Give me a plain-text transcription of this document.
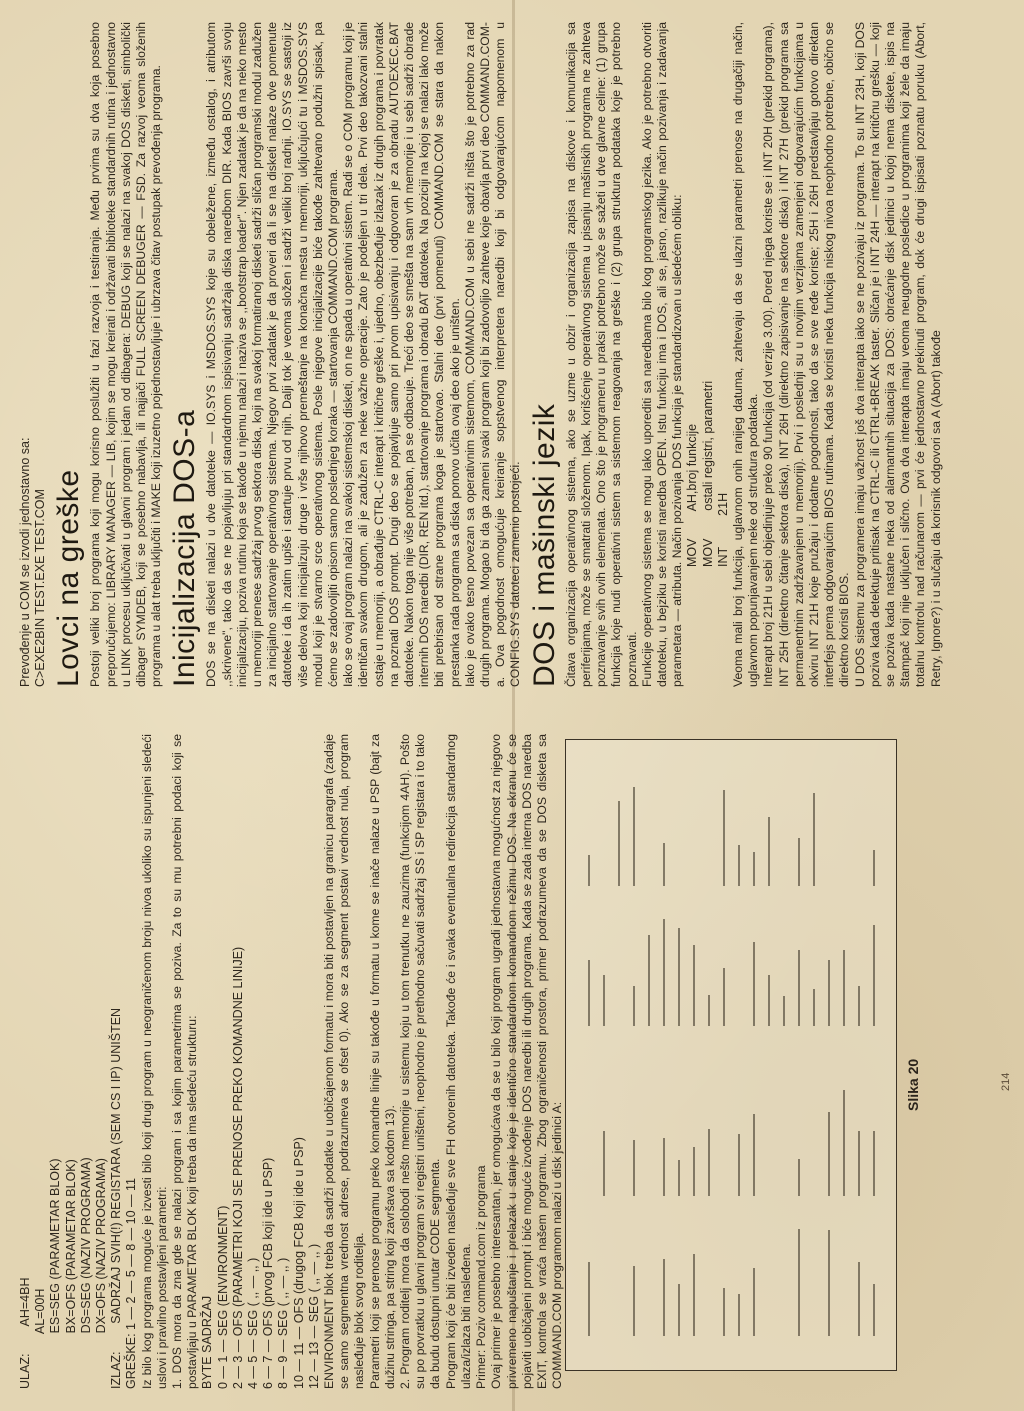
ULAZ:        AH=4BH AL=00H ES=SEG (PARAMETAR BLOK) BX=OFS (PARAMETAR BLOK) DS=SEG (NAZIV PROGRAMA) DX=OFS (NAZIV PROGRAMA) IZLAZ:        SADRŽAJ SVIH(!) REGISTARA (SEM CS I IP) UNIŠTEN GREŠKE: 1 — 2 — 5 — 8 — 10 — 11 Iz bilo kog programa moguće je izvesti bilo koji drugi program u neograničenom broju nivoa ukoliko su ispunjeni sledeći uslovi i pravilno postavljeni parametri: 1. DOS mora da zna gde se nalazi program i sa kojim parametrima se poziva. Za to su mu potrebni podaci koji se postavljaju u PARAMETAR BLOK koji treba da ima sledeću strukturu: BYTE SADRŽAJ 0 — 1 — SEG (ENVIRONMENT) 2 — 3 — OFS (PARAMETRI KOJI SE PRENOSE PREKO KOMANDNE LINIJE) 4 — 5 — SEG ( ,, — ,, ) 6 — 7 — OFS (prvog FCB koji ide u PSP) 8 — 9 — SEG ( ,, — ,, ) 10 — 11 — OFS (drugog FCB koji ide u PSP) 12 — 13 — SEG ( ,, — ,, ) ENVIRONMENT blok treba da sadrži podatke u uobičajenom formatu i mora biti postavljen na granicu paragrafa (zadaje se samo segmentna vrednost adrese, podrazumeva se ofset 0). Ako se za segment postavi vrednost nula, program nasleđuje blok svog roditelja. Parametri koji se prenose programu preko komandne linije su takođe u formatu u kome se inače nalaze u PSP (bajt za dužinu stringa, pa string koji završava sa kodom 13). 2. Program roditelj mora da oslobodi nešto memorije u sistemu koju u tom trenutku ne zauzima (funkcijom 4AH). Pošto su po povratku u glavni program svi registri uništeni, neophodno je prethodno sačuvati sadržaj SS i SP registara i to tako da budu dostupni unutar CODE segmenta. Program koji će biti izveden nasleđuje sve FH otvorenih datoteka. Takođe će i svaka eventualna redirekcija standardnog ulaza/izlaza biti nasleđena. Primer: Poziv command.com iz programa Ovaj primer je posebno interesantan, jer omogućava da se u bilo koji program ugradi jednostavna mogućnost za njegovo privremeno napuštanje i prelazak u stanje koje je identično standardnom komandnom režimu DOS. Na ekranu će se pojaviti uobičajeni prompt i biće moguće izvođenje DOS naredbi ili drugih programa. Kada se zada interna DOS naredba EXIT, kontrola se vraća našem programu. Zbog ograničenosti prostora, primer podrazumeva da se DOS disketa sa COMMAND.COM programom nalazi u disk jedinici A:

Slika 20	214
Prevođenje u COM se izvodi jednostavno sa: C>EXE2BIN TEST.EXE TEST.COM Lovci na greške Postoji veliki broj programa koji mogu korisno poslužiti u fazi razvoja i testiranja. Među prvima su dva koja posebno preporučujemo: LIBRARY MANAGER — LIB, kojim se mogu kreirati i održavati biblioteke standardnih rutina i jednostavno u LINK procesu uključivati u glavni program i jedan od dibagera: DEBUG koji se nalazi na svakoj DOS disketi, simbolički dibager SYMDEB, koji se posebno nabavlja, ili najjači FULL SCREEN DEBUGER — FSD. Za razvoj veoma složenih programa u alat treba uključiti i MAKE koji izuzetno pojednostavljuje i ubrzava čitav postupak prevođenja programa. Inicijalizacija DOS-a DOS se na disketi nalazi u dve datoteke — IO.SYS i MSDOS.SYS koje su obeležene, između ostalog, i atributom ,,skrivene", tako da se ne pojavljuju pri standardnom ispisivanju sadržaja diska naredbom DIR. Kada BIOS završi svoju inicijalizaciju, poziva rutinu koja se takođe u njemu nalazi i naziva se ,,bootstrap loader". Njen zadatak je da na neko mesto u memoriji prenese sadržaj prvog sektora diska, koji na svakoj formatiranoj disketi sadrži sličan programski modul zadužen za inicijalno startovanje operativnog sistema. Njegov prvi zadatak je da proveri da li se na disketi nalaze dve pomenute datoteke i da ih zatim upiše i startuje prvu od njih. Dalji tok je veoma složen i sadrži veliki broj radnji. IO.SYS se sastoji iz više delova koji inicijalizuju druge i vrše njihovo premeštanje na konačna mesta u memoriji, uključujući tu i MSDOS.SYS modul koji je stvarno srce operativnog sistema. Posle njegove inicijalizacije biće takođe zahtevano podužni spisak, pa ćemo se zadovoljiti opisom samo poslednjeg koraka — startovanja COMMAND.COM programa. Iako se ovaj program nalazi na svakoj sistemskoj disketi, on ne spada u operativni sistem. Radi se o COM programu koji je identičan svakom drugom, ali je zadužen za neke važne operacije. Zato je podeljen u tri dela. Prvi deo takozvani stalni ostaje u memoriji, a obrađuje CTRL-C interapt i kritične greške i, ujedno, obezbeđuje izlazak iz drugih programa i povratak na poznati DOS prompt. Drugi deo se pojavljuje samo pri prvom upisivanju i odgovoran je za obradu AUTOEXEC.BAT datoteke. Nakon toga nije više potreban, pa se odbacuje. Treći deo se smešta na sam vrh memorije i u sebi sadrži obrade internih DOS naredbi (DIR, REN itd.), startovanje programa i obradu BAT datoteka. Na poziciji na kojoj se nalazi lako može biti prebrisan od strane programa koga je startovao. Stalni deo (prvi pomenuti) COMMAND.COM se stara da nakon prestanka rada programa sa diska ponovo učita ovaj deo ako je uništen. Iako je ovako tesno povezan sa operativnim sistemom, COMMAND.COM u sebi ne sadrži ništa što je potrebno za rad drugih programa. Mogao bi da ga zameni svaki program koji bi zadovoljio zahteve koje obavlja prvi deo COMMAND.COM-a. Ova pogodnost omogućuje kreiranje sopstvenog interpretera naredbi koji bi odgovarajućom napomenom u CONFIG.SYS datoteci zamenio postojeći. DOS i mašinski jezik Čitava organizacija operativnog sistema, ako se uzme u obzir i organizacija zapisa na diskove i komunikacija sa periferijama, može se smatrati složenom. Ipak, korišćenje operativnog sistema u pisanju mašinskih programa ne zahteva poznavanje svih ovih elemenata. Ono što je programeru u praksi potrebno može se sažeti u dve glavne celine: (1) grupa funkcija koje nudi operativni sistem sa sistemom reagovanja na greške i (2) grupa struktura podataka koje je potrebno poznavati. Funkcije operativnog sistema se mogu lako uporediti sa naredbama bilo kog programskog jezika. Ako je potrebno otvoriti datoteku, u bejziku se koristi naredba OPEN. Istu funkciju ima i DOS, ali se, jasno, razlikuje način pozivanja i zadavanja parametara — atributa. Način pozivanja DOS funkcija je standardizovan u sledećem obliku: MOV        AH,broj funkcije MOV        ostali registri, parametri INT         21H Veoma mali broj funkcija, uglavnom onih ranijeg datuma, zahtevaju da se ulazni parametri prenose na drugačiji način, uglavnom popunjavanjem neke od struktura podataka. Interapt broj 21H u sebi objedinjuje preko 90 funkcija (od verzije 3.00). Pored njega koriste se i INT 20H (prekid programa), INT 25H (direktno čitanje sektora diska), INT 26H (direktno zapisivanje na sektore diska) i INT 27H (prekid programa sa permanentnim zadržavanjem u memoriji). Prvi i poslednji su u novijim verzijama zamenjeni odgovarajućim funkcijama u okviru INT 21H koje pružaju i dodatne pogodnosti, tako da se sve ređe koriste; 25H i 26H predstavljaju gotovo direktan interfejs prema odgovarajućim BIOS rutinama. Kada se koristi neka funkcija niskog nivoa neophodno potrebne, obično se direktno koristi BIOS. U DOS sistemu za programera imaju važnost još dva interapta iako se ne pozivaju iz programa. To su INT 23H, koji DOS poziva kada detektuje pritisak na CTRL-C ili CTRL+BREAK taster. Sličan je i INT 24H — interapt na kritičnu grešku — koji se poziva kada nastane neka od alarmantnih situacija za DOS: obraćanje disk jedinici u kojoj nema diskete, ispis na štampač koji nije uključen i slično. Ova dva interapta imaju veoma neugodne posledice u programima koji žele da imaju totalnu kontrolu nad računarom — prvi će jednostavno prekinuti program, dok će drugi ispisati poznatu poruku (Abort, Retry, Ignore?) i u slučaju da korisnik odgovori sa A (Abort) takođe
